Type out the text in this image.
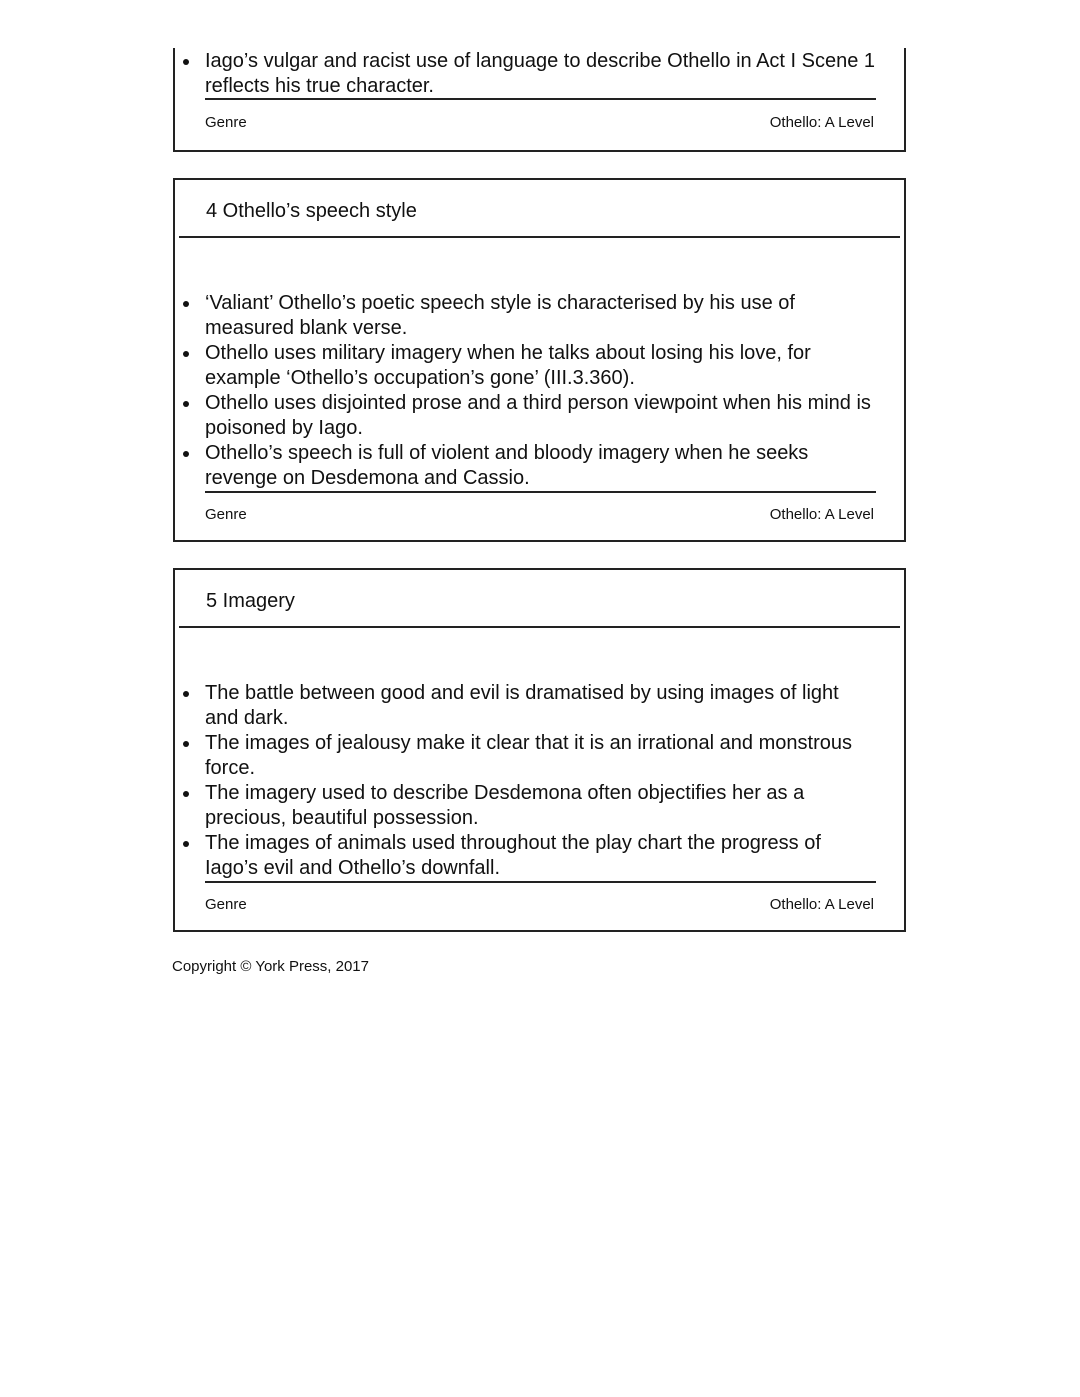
Iago’s vulgar and racist use of language to describe Othello in Act I Scene 1 reflects his true character.
Genre	Othello: A Level
4 Othello’s speech style
‘Valiant’ Othello’s poetic speech style is characterised by his use of measured blank verse.
Othello uses military imagery when he talks about losing his love, for example ‘Othello’s occupation’s gone’ (III.3.360).
Othello uses disjointed prose and a third person viewpoint when his mind is poisoned by Iago.
Othello’s speech is full of violent and bloody imagery when he seeks revenge on Desdemona and Cassio.
Genre	Othello: A Level
5 Imagery
The battle between good and evil is dramatised by using images of light and dark.
The images of jealousy make it clear that it is an irrational and monstrous force.
The imagery used to describe Desdemona often objectifies her as a precious, beautiful possession.
The images of animals used throughout the play chart the progress of Iago’s evil and Othello’s downfall.
Genre	Othello: A Level
Copyright © York Press, 2017
